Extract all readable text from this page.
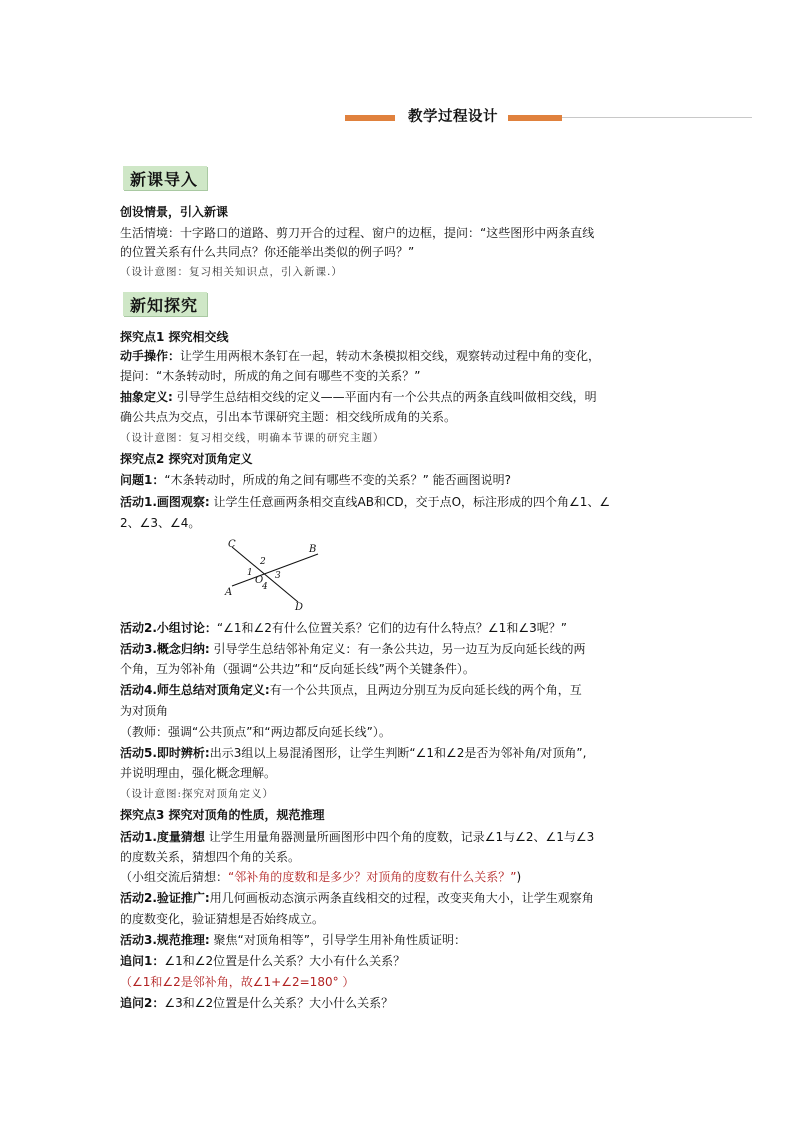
教学过程设计
新课导入
创设情景，引入新课
生活情境：十字路口的道路、剪刀开合的过程、窗户的边框，提问：“这些图形中两条直线
的位置关系有什么共同点？你还能举出类似的例子吗？”
（设计意图：复习相关知识点，引入新课.）
新知探究
探究点1 探究相交线
动手操作：让学生用两根木条钉在一起，转动木条模拟相交线，观察转动过程中角的变化，
提问：“木条转动时，所成的角之间有哪些不变的关系？”
抽象定义: 引导学生总结相交线的定义——平面内有一个公共点的两条直线叫做相交线，明
确公共点为交点，引出本节课研究主题：相交线所成角的关系。
（设计意图：复习相交线，明确本节课的研究主题）
探究点2 探究对顶角定义
问题1：“木条转动时，所成的角之间有哪些不变的关系？” 能否画图说明?
活动1.画图观察: 让学生任意画两条相交直线AB和CD，交于点O，标注形成的四个角∠1、∠
2、∠3、∠4。
C	B
A
D
O
2
1 3
4
活动2.小组讨论：“∠1和∠2有什么位置关系？它们的边有什么特点？∠1和∠3呢？”
活动3.概念归纳: 引导学生总结邻补角定义：有一条公共边，另一边互为反向延长线的两
个角，互为邻补角（强调“公共边”和“反向延长线”两个关键条件）。
活动4.师生总结对顶角定义:有一个公共顶点，且两边分别互为反向延长线的两个角，互
为对顶角
（教师：强调“公共顶点”和“两边都反向延长线”）。
活动5.即时辨析:出示3组以上易混淆图形，让学生判断“∠1和∠2是否为邻补角/对顶角”,
并说明理由，强化概念理解。
（设计意图:探究对顶角定义）
探究点3 探究对顶角的性质，规范推理
活动1.度量猜想 让学生用量角器测量所画图形中四个角的度数，记录∠1与∠2、∠1与∠3
的度数关系，猜想四个角的关系。
（小组交流后猜想：“邻补角的度数和是多少？对顶角的度数有什么关系？”)
活动2.验证推广:用几何画板动态演示两条直线相交的过程，改变夹角大小，让学生观察角
的度数变化，验证猜想是否始终成立。
活动3.规范推理: 聚焦“对顶角相等”，引导学生用补角性质证明：
追问1：∠1和∠2位置是什么关系？大小有什么关系？
（∠1和∠2是邻补角，故∠1+∠2=180° ）
追问2：∠3和∠2位置是什么关系？大小什么关系？
